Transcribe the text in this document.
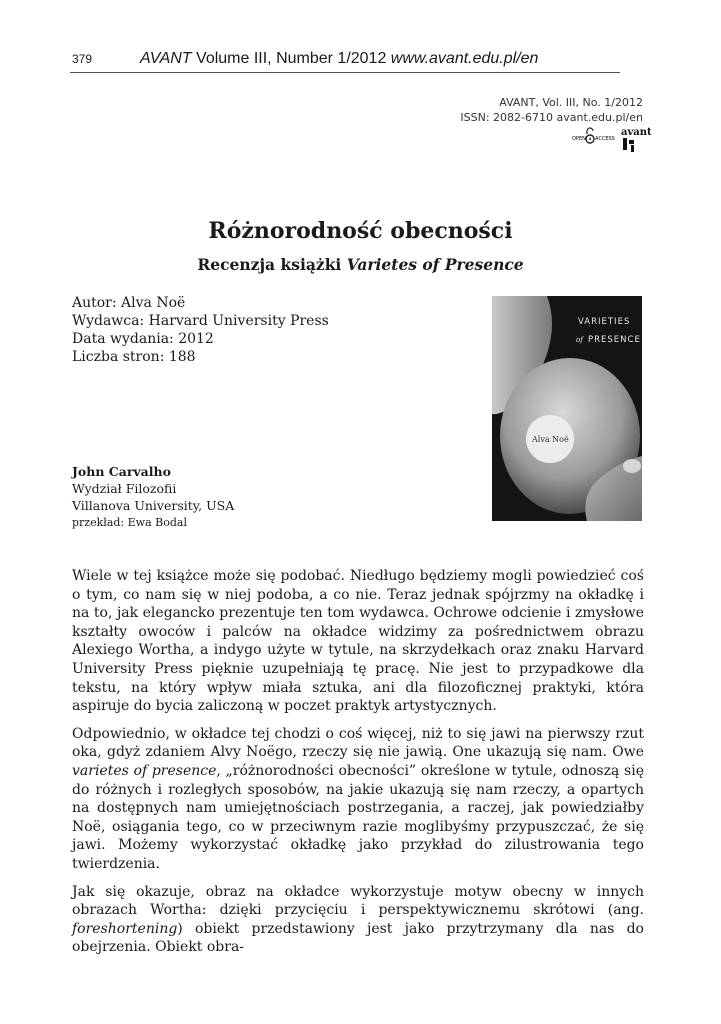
379	AVANT Volume III, Number 1/2012 www.avant.edu.pl/en
AVANT, Vol. III, No. 1/2012
ISSN: 2082-6710 avant.edu.pl/en
OPEN ACCESS
avant
Różnorodność obecności
Recenzja książki Varietes of Presence
Autor: Alva Noë
Wydawca: Harvard University Press
Data wydania: 2012
Liczba stron: 188
John Carvalho
Wydział Filozofii
Villanova University, USA
przekład: Ewa Bodal
VARIETIES
of PRESENCE
Alva Noë

Wiele w tej książce może się podobać. Niedługo będziemy mogli powiedzieć coś o tym, co nam się w niej podoba, a co nie. Teraz jednak spójrzmy na okładkę i na to, jak elegancko prezentuje ten tom wydawca. Ochrowe odcienie i zmysłowe kształty owoców i palców na okładce widzimy za pośrednictwem obrazu Alexiego Wortha, a indygo użyte w tytule, na skrzydełkach oraz znaku Harvard University Press pięknie uzupełniają tę pracę. Nie jest to przypadkowe dla tekstu, na który wpływ miała sztuka, ani dla filozoficznej praktyki, która aspiruje do bycia zaliczoną w poczet praktyk artystycznych.

Odpowiednio, w okładce tej chodzi o coś więcej, niż to się jawi na pierwszy rzut oka, gdyż zdaniem Alvy Noëgo, rzeczy się nie jawią. One ukazują się nam. Owe varietes of presence, „różnorodności obecności” określone w tytule, odnoszą się do różnych i rozległych sposobów, na jakie ukazują się nam rzeczy, a opartych na dostępnych nam umiejętnościach postrzegania, a raczej, jak powiedziałby Noë, osiągania tego, co w przeciwnym razie moglibyśmy przypuszczać, że się jawi. Możemy wykorzystać okładkę jako przykład do zilustrowania tego twierdzenia.

Jak się okazuje, obraz na okładce wykorzystuje motyw obecny w innych obrazach Wortha: dzięki przycięciu i perspektywicznemu skrótowi (ang. foreshortening) obiekt przedstawiony jest jako przytrzymany dla nas do obejrzenia. Obiekt obra-
